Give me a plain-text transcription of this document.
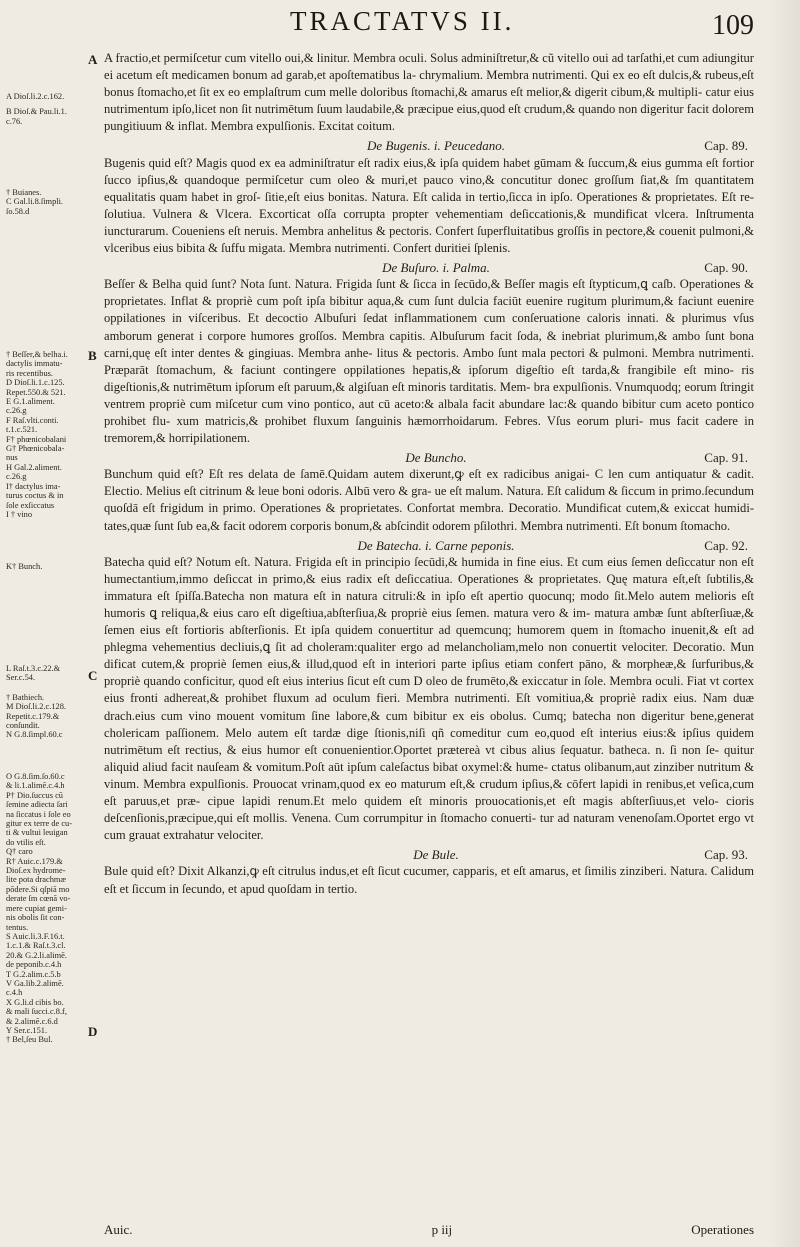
TRACTATVS II.	109
A
B
C
D
A Dioſ.li.2.c.162.
B Dioſ.& Pau.li.1.
c.76.
† Buianes.
C Gal.li.8.ſimpli.
ſo.58.d
† Beſſer,& belha.i.
dactylis immatu-
ris recentibus.
D Dioſ.li.1.c.125.
Repet.550.& 521.
E G.1.aliment.
c.26.g
F Raſ.vlti.conti.
t.1.c.521.
F† phœnicobalani
G† Phœnicobala-
nus
H Gal.2.aliment.
c.26.g
I† dactylus ima-
turus coctus & in
ſole exſiccatus
I † vino
K† Bunch.
L Raſ.t.3.c.22.&
Ser.c.54.
† Bathiech.
M Dioſ.li.2.c.128.
Repetit.c.179.&
conſundit.
N G.8.ſimpl.60.c
O G.8.ſim.ſo.60.c
& li.1.alimē.c.4.h
P† Dio.ſuccus cū
ſemine adiecta ſari
na ſiccatus i ſole eo
gitur ex terre de cu-
ti & vultui leuigan
do vtilis eſt.
Q† caro
R† Auic.c.179.&
Dioſ.ex hydrome-
lite pota drachmæ
pōdere.Si qſpiā mo
derate ſm cœnā vo-
mere cupiat gemi-
nis obolis ſit con-
tentus.
S Auic.li.3.F.16.t.
1.c.1.& Raſ.t.3.cl.
20.& G.2.li.alimē.
de peponib.c.4.h
T G.2.alim.c.5.b
V Ga.lib.2.alimē.
c.4.h
X G.li.d cibis bo.
& mali ſucci.c.8.f,
& 2.alimē.c.6.d
Y Ser.c.151.
† Bel,ſeu Bul.

A fractio,et permiſcetur cum vitello oui,& linitur. Membra oculi. Solus adminiſtretur,& cũ vitello oui ad tarſathi,et cum adiungitur ei acetum eſt medicamen bonum ad garab,et apoſtematibus la- chrymalium. Membra nutrimenti. Qui ex eo eſt dulcis,& rubeus,eſt bonus ſtomacho,et ſit ex eo emplaſtrum cum melle doloribus ſtomachi,& amarus eſt melior,& digerit cibum,& multipli- catur eius nutrimentum ipſo,licet non ſit nutrimētum ſuum laudabile,& præcipue eius,quod eſt crudum,& quando non digeritur facit dolorem pungitiuum & inflat. Membra expulſionis. Excitat coitum.

De Bugenis. i. Peucedano.	Cap. 89.

Bugenis quid eſt? Magis quod ex ea adminiſtratur eſt radix eius,& ipſa quidem habet gūmam & ſuccum,& eius gumma eſt fortior ſucco ipſius,& quandoque permiſcetur cum oleo & muri,et pauco vino,& concutitur donec groſſum ſiat,& ſm quantitatem equalitatis quam habet in groſ- ſitie,eſt eius bonitas. Natura. Eſt calida in tertio,ſicca in ipſo. Operationes & proprietates. Eſt re- ſolutiua. Vulnera & Vlcera. Excorticat oſſa corrupta propter vehementiam deſiccationis,& mundificat vlcera. Inſtrumenta iuncturarum. Coueniens eſt neruis. Membra anhelitus & pectoris. Confert ſuperfluitatibus groſſis in pectore,& couenit pulmoni,& vlceribus eius bibita & ſuffu migata. Membra nutrimenti. Confert duritiei ſplenis.

De Buſuro. i. Palma.	Cap. 90.

Beſſer & Belha quid ſunt? Nota ſunt. Natura. Frigida ſunt & ſicca in ſecūdo,& Beſſer magis eſt ſtypticum,ꝗ caſb. Operationes & proprietates. Inflat & propriè cum poſt ipſa bibitur aqua,& cum ſunt dulcia faciūt euenire rugitum plurimum,& faciunt euenire oppilationes in viſceribus. Et decoctio Albuſuri ſedat inflammationem cum conſeruatione caloris innati. & plurimus vſus amborum generat i corpore humores groſſos. Membra capitis. Albuſurum facit ſoda, & inebriat plurimum,& ambo ſunt bona carni,quę eſt inter dentes & gingiuas. Membra anhe- litus & pectoris. Ambo ſunt mala pectori & pulmoni. Membra nutrimenti. Præparāt ſtomachum, & faciunt contingere oppilationes hepatis,& ipſorum digeſtio eſt tarda,& frangibile eſt mino- ris digeſtionis,& nutrimētum ipſorum eſt paruum,& algiſuan eſt minoris tarditatis. Mem- bra expulſionis. Vnumquodq; eorum ſtringit ventrem propriè cum miſcetur cum vino pontico, aut cū aceto:& albala facit abundare lac:& quando bibitur cum aceto pontico prohibet flu- xum matricis,& prohibet fluxum ſanguinis hæmorrhoidarum. Febres. Vſus eorum pluri- mus facit cadere in tremorem,& horripilationem.

De Buncho.	Cap. 91.

Bunchum quid eſt? Eſt res delata de ſamē.Quidam autem dixerunt,ꝙ eſt ex radicibus anigai- C len cum antiquatur & cadit. Electio. Melius eſt citrinum & leue boni odoris. Albū vero & gra- ue eſt malum. Natura. Eſt calidum & ſiccum in primo.ſecundum quoſdā eſt frigidum in primo. Operationes & proprietates. Confortat membra. Decoratio. Mundificat cutem,& exiccat humidi- tates,quæ ſunt ſub ea,& facit odorem corporis bonum,& abſcindit odorem pſilothri. Membra nutrimenti. Eſt bonum ſtomacho.

De Batecha. i. Carne peponis.	Cap. 92.

Batecha quid eſt? Notum eſt. Natura. Frigida eſt in principio ſecūdi,& humida in fine eius. Et cum eius ſemen deſiccatur non eſt humectantium,immo deſiccat in primo,& eius radix eſt deſiccatiua. Operationes & proprietates. Quę matura eſt,eſt ſubtilis,& immatura eſt ſpiſſa.Batecha non matura eſt in natura citruli:& in ipſo eſt apertio quocunq; modo ſit.Melo autem melioris eſt humoris ꝗ reliqua,& eius caro eſt digeſtiua,abſterſiua,& propriè eius ſemen. matura vero & im- matura ambæ ſunt abſterſiuæ,& ſemen eius eſt fortioris abſterſionis. Et ipſa quidem conuertitur ad quemcunq; humorem quem in ſtomacho inuenit,& eſt ad phlegma vehementius decliuis,ꝗ ſit ad choleram:qualiter ergo ad melancholiam,melo non conuertit velociter. Decoratio. Mun dificat cutem,& propriè ſemen eius,& illud,quod eſt in interiori parte ipſius etiam confert pāno, & morpheæ,& ſurfuribus,& propriè quando conficitur, quod eſt eius interius ſicut eſt cum D oleo de frumēto,& exiccatur in ſole. Membra oculi. Fiat vt cortex eius fronti adhereat,& prohibet fluxum ad oculum fieri. Membra nutrimenti. Eſt vomitiua,& propriè radix eius. Nam duæ drach.eius cum vino mouent vomitum ſine labore,& cum bibitur ex eis obolus. Cumq; batecha non digeritur bene,generat cholericam paſſionem. Melo autem eſt tardæ dige ſtionis,niſi qñ comeditur cum eo,quod eſt interius eius:& ipſius quidem nutrimētum eſt rectius, & eius humor eſt conuenientior.Oportet prætereà vt cibus alius ſequatur. batheca. n. ſi non ſe- quitur aliquid aliud facit nauſeam & vomitum.Poſt aūt ipſum caleſactus bibat oxymel:& hume- ctatus olibanum,aut zinziber nutritum & vinum. Membra expulſionis. Prouocat vrinam,quod ex eo maturum eſt,& crudum ipſius,& cōfert lapidi in renibus,et veſica,cum eſt paruus,et præ- cipue lapidi renum.Et melo quidem eſt minoris prouocationis,et eſt magis abſterſiuus,et velo- cioris deſcenſionis,præcipue,qui eſt mollis. Venena. Cum corrumpitur in ſtomacho conuerti- tur ad naturam venenoſam.Oportet ergo vt cum grauat extrahatur velociter.

De Bule.	Cap. 93.

Bule quid eſt? Dixit Alkanzi,ꝙ eſt citrulus indus,et eſt ſicut cucumer, capparis, et eſt amarus, et ſimilis zinziberi. Natura. Calidum eſt et ſiccum in ſecundo, et apud quoſdam in tertio.

Auic.	p iij	Operationes
